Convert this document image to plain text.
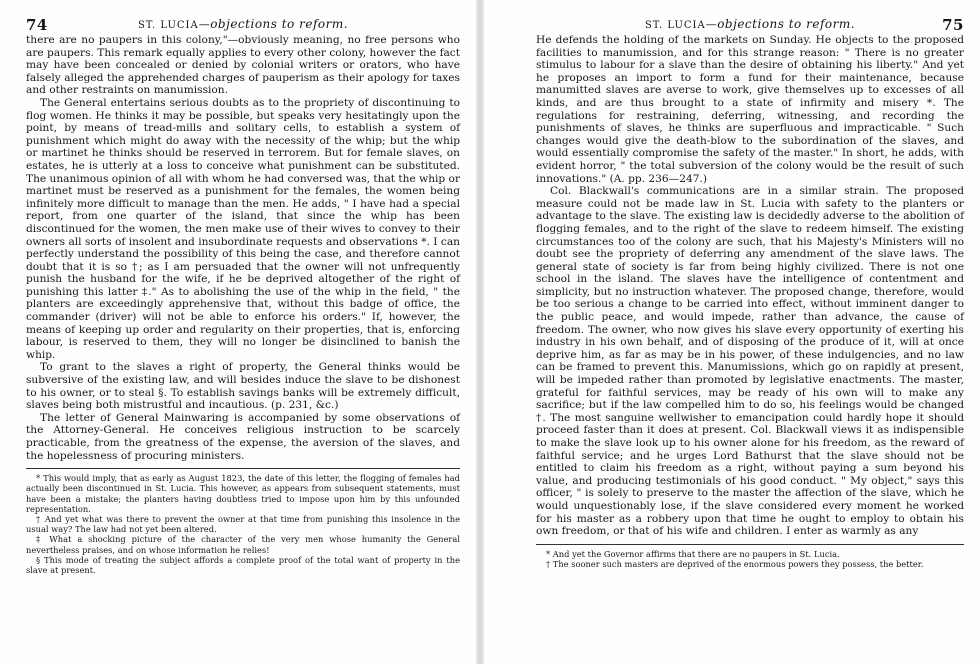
74	ST. LUCIA—objections to reform.

there are no paupers in this colony,"—obviously meaning, no free persons who are paupers. This remark equally applies to every other colony, however the fact may have been concealed or denied by colonial writers or orators, who have falsely alleged the apprehended charges of pauperism as their apology for taxes and other restraints on manumission.

The General entertains serious doubts as to the propriety of discontinuing to flog women. He thinks it may be possible, but speaks very hesitatingly upon the point, by means of tread-mills and solitary cells, to establish a system of punishment which might do away with the necessity of the whip; but the whip or martinet he thinks should be reserved in terrorem. But for female slaves, on estates, he is utterly at a loss to conceive what punishment can be substituted. The unanimous opinion of all with whom he had conversed was, that the whip or martinet must be reserved as a punishment for the females, the women being infinitely more difficult to manage than the men. He adds, " I have had a special report, from one quarter of the island, that since the whip has been discontinued for the women, the men make use of their wives to convey to their owners all sorts of insolent and insubordinate requests and observations *. I can perfectly understand the possibility of this being the case, and therefore cannot doubt that it is so †; as I am persuaded that the owner will not unfrequently punish the husband for the wife, if he be deprived altogether of the right of punishing this latter ‡." As to abolishing the use of the whip in the field, " the planters are exceedingly apprehensive that, without this badge of office, the commander (driver) will not be able to enforce his orders." If, however, the means of keeping up order and regularity on their properties, that is, enforcing labour, is reserved to them, they will no longer be disinclined to banish the whip.

To grant to the slaves a right of property, the General thinks would be subversive of the existing law, and will besides induce the slave to be dishonest to his owner, or to steal §. To establish savings banks will be extremely difficult, slaves being both mistrustful and incautious. (p. 231, &c.)

The letter of General Mainwaring is accompanied by some observations of the Attorney-General. He conceives religious instruction to be scarcely practicable, from the greatness of the expense, the aversion of the slaves, and the hopelessness of procuring ministers.

* This would imply, that as early as August 1823, the date of this letter, the flogging of females had actually been discontinued in St. Lucia. This however, as appears from subsequent statements, must have been a mistake; the planters having doubtless tried to impose upon him by this unfounded representation.

† And yet what was there to prevent the owner at that time from punishing this insolence in the usual way? The law had not yet been altered.

‡ What a shocking picture of the character of the very men whose humanity the General nevertheless praises, and on whose information he relies!

§ This mode of treating the subject affords a complete proof of the total want of property in the slave at present.

ST. LUCIA—objections to reform.	75

He defends the holding of the markets on Sunday. He objects to the proposed facilities to manumission, and for this strange reason: " There is no greater stimulus to labour for a slave than the desire of obtaining his liberty." And yet he proposes an import to form a fund for their maintenance, because manumitted slaves are averse to work, give themselves up to excesses of all kinds, and are thus brought to a state of infirmity and misery *. The regulations for restraining, deferring, witnessing, and recording the punishments of slaves, he thinks are superfluous and impracticable. " Such changes would give the death-blow to the subordination of the slaves, and would essentially compromise the safety of the master." In short, he adds, with evident horror, " the total subversion of the colony would be the result of such innovations." (A. pp. 236—247.)

Col. Blackwall's communications are in a similar strain. The proposed measure could not be made law in St. Lucia with safety to the planters or advantage to the slave. The existing law is decidedly adverse to the abolition of flogging females, and to the right of the slave to redeem himself. The existing circumstances too of the colony are such, that his Majesty's Ministers will no doubt see the propriety of deferring any amendment of the slave laws. The general state of society is far from being highly civilized. There is not one school in the island. The slaves have the intelligence of contentment and simplicity, but no instruction whatever. The proposed change, therefore, would be too serious a change to be carried into effect, without imminent danger to the public peace, and would impede, rather than advance, the cause of freedom. The owner, who now gives his slave every opportunity of exerting his industry in his own behalf, and of disposing of the produce of it, will at once deprive him, as far as may be in his power, of these indulgencies, and no law can be framed to prevent this. Manumissions, which go on rapidly at present, will be impeded rather than promoted by legislative enactments. The master, grateful for faithful services, may be ready of his own will to make any sacrifice; but if the law compelled him to do so, his feelings would be changed †. The most sanguine wellwisher to emancipation could hardly hope it should proceed faster than it does at present. Col. Blackwall views it as indispensible to make the slave look up to his owner alone for his freedom, as the reward of faithful service; and he urges Lord Bathurst that the slave should not be entitled to claim his freedom as a right, without paying a sum beyond his value, and producing testimonials of his good conduct. " My object," says this officer, " is solely to preserve to the master the affection of the slave, which he would unquestionably lose, if the slave considered every moment he worked for his master as a robbery upon that time he ought to employ to obtain his own freedom, or that of his wife and children. I enter as warmly as any

* And yet the Governor affirms that there are no paupers in St. Lucia.

† The sooner such masters are deprived of the enormous powers they possess, the better.
